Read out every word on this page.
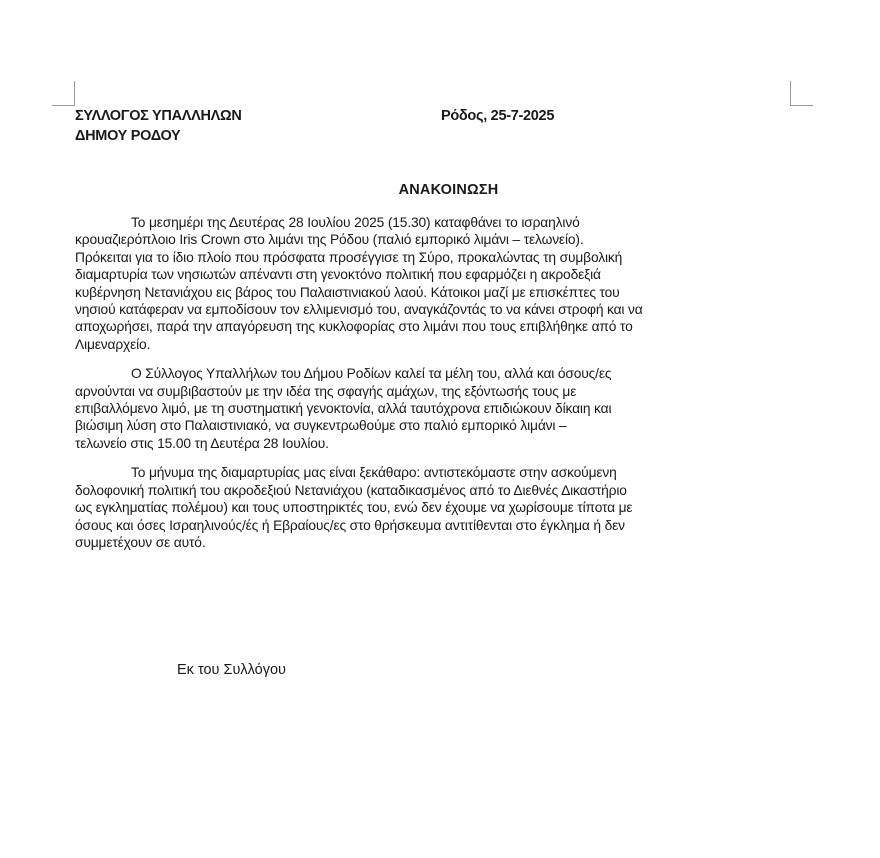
ΣΥΛΛΟΓΟΣ ΥΠΑΛΛΗΛΩΝ
ΔΗΜΟΥ ΡΟΔΟΥ
Ρόδος, 25-7-2025
ΑΝΑΚΟΙΝΩΣΗ
Το μεσημέρι της Δευτέρας 28 Ιουλίου 2025 (15.30) καταφθάνει το ισραηλινό
κρουαζιερόπλοιο Iris Crown στο λιμάνι της Ρόδου (παλιό εμπορικό λιμάνι – τελωνείο).
Πρόκειται για το ίδιο πλοίο που πρόσφατα προσέγγισε τη Σύρο, προκαλώντας τη συμβολική
διαμαρτυρία των νησιωτών απέναντι στη γενοκτόνο πολιτική που εφαρμόζει η ακροδεξιά
κυβέρνηση Νετανιάχου εις βάρος του Παλαιστινιακού λαού. Κάτοικοι μαζί με επισκέπτες του
νησιού κατάφεραν να εμποδίσουν τον ελλιμενισμό του, αναγκάζοντάς το να κάνει στροφή και να
αποχωρήσει, παρά την απαγόρευση της κυκλοφορίας στο λιμάνι που τους επιβλήθηκε από το
Λιμεναρχείο.
Ο Σύλλογος Υπαλλήλων του Δήμου Ροδίων καλεί τα μέλη του, αλλά και όσους/ες
αρνούνται να συμβιβαστούν με την ιδέα της σφαγής αμάχων, της εξόντωσής τους με
επιβαλλόμενο λιμό, με τη συστηματική γενοκτονία, αλλά ταυτόχρονα επιδιώκουν δίκαιη και
βιώσιμη λύση στο Παλαιστινιακό, να συγκεντρωθούμε στο παλιό εμπορικό λιμάνι –
τελωνείο στις 15.00 τη Δευτέρα 28 Ιουλίου.
Το μήνυμα της διαμαρτυρίας μας είναι ξεκάθαρο: αντιστεκόμαστε στην ασκούμενη
δολοφονική πολιτική του ακροδεξιού Νετανιάχου (καταδικασμένος από το Διεθνές Δικαστήριο
ως εγκληματίας πολέμου) και τους υποστηρικτές του, ενώ δεν έχουμε να χωρίσουμε τίποτα με
όσους και όσες Ισραηλινούς/ές ή Εβραίους/ες στο θρήσκευμα αντιτίθενται στο έγκλημα ή δεν
συμμετέχουν σε αυτό.
Εκ του Συλλόγου
